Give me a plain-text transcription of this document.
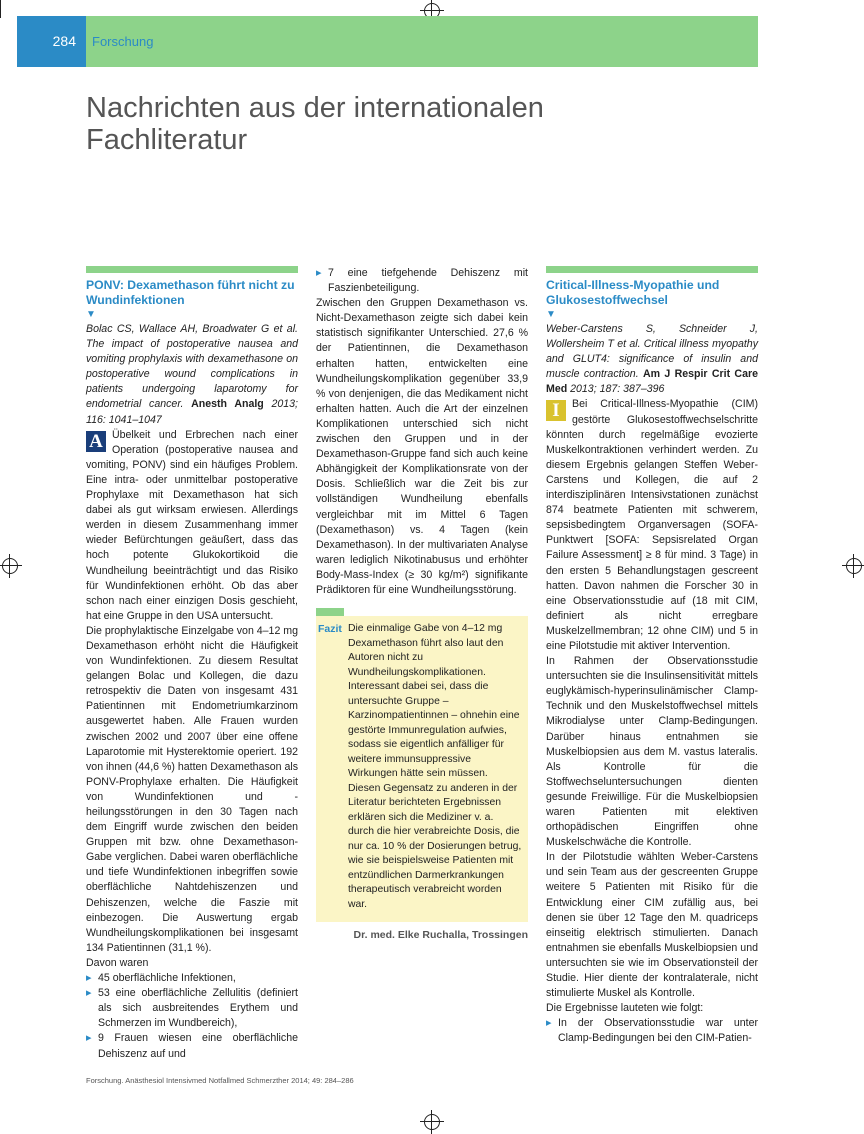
284	Forschung
Nachrichten aus der internationalen Fachliteratur
PONV: Dexamethason führt nicht zu Wundinfektionen
▼

Bolac CS, Wallace AH, Broadwater G et al. The impact of postoperative nausea and vomiting prophylaxis with dexamethasone on postoperative wound complications in patients undergoing laparotomy for endometrial cancer. Anesth Analg 2013; 116: 1041–1047

A Übelkeit und Erbrechen nach einer Operation (postoperative nausea and vomiting, PONV) sind ein häufiges Problem. Eine intra- oder unmittelbar postoperative Prophylaxe mit Dexamethason hat sich dabei als gut wirksam erwiesen. Allerdings werden in diesem Zusammenhang immer wieder Befürchtungen geäußert, dass das hoch potente Glukokortikoid die Wundheilung beeinträchtigt und das Risiko für Wundinfektionen erhöht. Ob das aber schon nach einer einzigen Dosis geschieht, hat eine Gruppe in den USA untersucht.

Die prophylaktische Einzelgabe von 4–12 mg Dexamethason erhöht nicht die Häufigkeit von Wundinfektionen. Zu diesem Resultat gelangen Bolac und Kollegen, die dazu retrospektiv die Daten von insgesamt 431 Patientinnen mit Endometriumkarzinom ausgewertet haben. Alle Frauen wurden zwischen 2002 und 2007 über eine offene Laparotomie mit Hysterektomie operiert. 192 von ihnen (44,6 %) hatten Dexamethason als PONV-Prophylaxe erhalten. Die Häufigkeit von Wundinfektionen und -heilungsstörungen in den 30 Tagen nach dem Eingriff wurde zwischen den beiden Gruppen mit bzw. ohne Dexamethason-Gabe verglichen. Dabei waren oberflächliche und tiefe Wundinfektionen inbegriffen sowie oberflächliche Nahtdehiszenzen und Dehiszenzen, welche die Faszie mit einbezogen. Die Auswertung ergab Wundheilungskomplikationen bei insgesamt 134 Patientinnen (31,1 %).

Davon waren

▸ 45 oberflächliche Infektionen,
▸ 53 eine oberflächliche Zellulitis (definiert als sich ausbreitendes Erythem und Schmerzen im Wundbereich),
▸ 9 Frauen wiesen eine oberflächliche Dehiszenz auf und
▸ 7 eine tiefgehende Dehiszenz mit Faszienbeteiligung.

Zwischen den Gruppen Dexamethason vs. Nicht-Dexamethason zeigte sich dabei kein statistisch signifikanter Unterschied. 27,6 % der Patientinnen, die Dexamethason erhalten hatten, entwickelten eine Wundheilungskomplikation gegenüber 33,9 % von denjenigen, die das Medikament nicht erhalten hatten. Auch die Art der einzelnen Komplikationen unterschied sich nicht zwischen den Gruppen und in der Dexamethason-Gruppe fand sich auch keine Abhängigkeit der Komplikationsrate von der Dosis. Schließlich war die Zeit bis zur vollständigen Wundheilung ebenfalls vergleichbar mit im Mittel 6 Tagen (Dexamethason) vs. 4 Tagen (kein Dexamethason). In der multivariaten Analyse waren lediglich Nikotinabusus und erhöhter Body-Mass-Index (≥ 30 kg/m²) signifikante Prädiktoren für eine Wundheilungsstörung.

Fazit Die einmalige Gabe von 4–12 mg Dexamethason führt also laut den Autoren nicht zu Wundheilungskomplikationen. Interessant dabei sei, dass die untersuchte Gruppe – Karzinompatientinnen – ohnehin eine gestörte Immunregulation aufwies, sodass sie eigentlich anfälliger für weitere immunsuppressive Wirkungen hätte sein müssen. Diesen Gegensatz zu anderen in der Literatur berichteten Ergebnissen erklären sich die Mediziner v. a. durch die hier verabreichte Dosis, die nur ca. 10 % der Dosierungen betrug, wie sie beispielsweise Patienten mit entzündlichen Darmerkrankungen therapeutisch verabreicht worden war.
Dr. med. Elke Ruchalla, Trossingen
Critical-Illness-Myopathie und Glukosestoffwechsel
▼

Weber-Carstens S, Schneider J, Wollersheim T et al. Critical illness myopathy and GLUT4: significance of insulin and muscle contraction. Am J Respir Crit Care Med 2013; 187: 387–396

I	Bei Critical-Illness-Myopathie (CIM) gestörte Glukosestoffwechselschritte könnten durch regelmäßige evozierte Muskelkontraktionen verhindert werden. Zu diesem Ergebnis gelangen Steffen Weber-Carstens und Kollegen, die auf 2 interdisziplinären Intensivstationen zunächst 874 beatmete Patienten mit schwerem, sepsisbedingtem Organversagen (SOFA-Punktwert [SOFA: Sepsisrelated Organ Failure Assessment] ≥ 8 für mind. 3 Tage) in den ersten 5 Behandlungstagen gescreent hatten. Davon nahmen die Forscher 30 in eine Observationsstudie auf (18 mit CIM, definiert als nicht erregbare Muskelzellmembran; 12 ohne CIM) und 5 in eine Pilotstudie mit aktiver Intervention.

In Rahmen der Observationsstudie untersuchten sie die Insulinsensitivität mittels euglykämisch-hyperinsulinämischer Clamp-Technik und den Muskelstoffwechsel mittels Mikrodialyse unter Clamp-Bedingungen. Darüber hinaus entnahmen sie Muskelbiopsien aus dem M. vastus lateralis. Als Kontrolle für die Stoffwechseluntersuchungen dienten gesunde Freiwillige. Für die Muskelbiopsien waren Patienten mit elektiven orthopädischen Eingriffen ohne Muskelschwäche die Kontrolle.

In der Pilotstudie wählten Weber-Carstens und sein Team aus der gescreenten Gruppe weitere 5 Patienten mit Risiko für die Entwicklung einer CIM zufällig aus, bei denen sie über 12 Tage den M. quadriceps einseitig elektrisch stimulierten. Danach entnahmen sie ebenfalls Muskelbiopsien und untersuchten sie wie im Observationsteil der Studie. Hier diente der kontralaterale, nicht stimulierte Muskel als Kontrolle.

Die Ergebnisse lauteten wie folgt:

▸ In der Observationsstudie war unter Clamp-Bedingungen bei den CIM-Patien-
Forschung. Anästhesiol Intensivmed Notfallmed Schmerzther 2014; 49: 284–286
